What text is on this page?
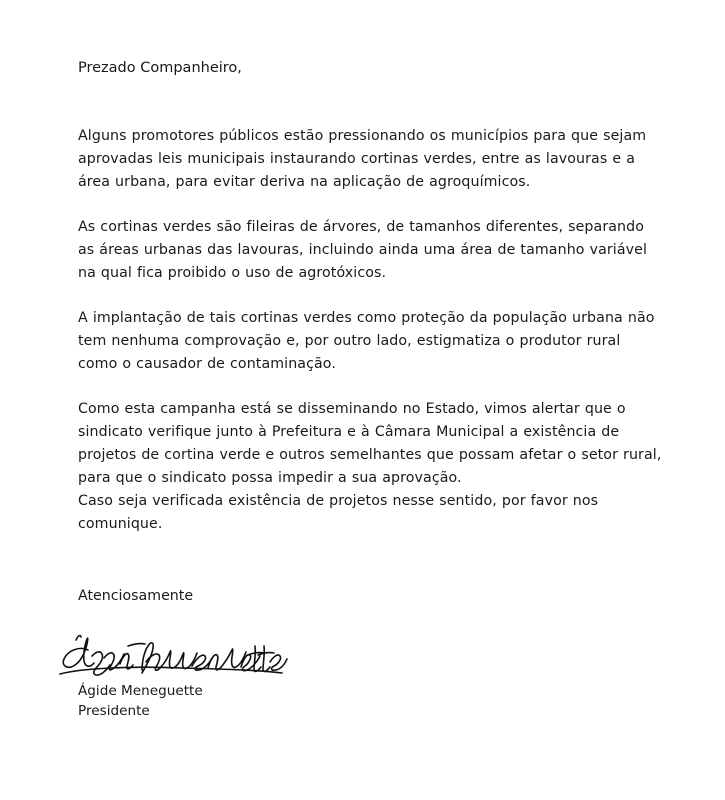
Prezado Companheiro,

Alguns promotores públicos estão pressionando os municípios para que sejam aprovadas leis municipais instaurando cortinas verdes, entre as lavouras e a área urbana, para evitar deriva na aplicação de agroquímicos.

As cortinas verdes são fileiras de árvores, de tamanhos diferentes, separando as áreas urbanas das lavouras, incluindo ainda uma área de tamanho variável na qual fica proibido o uso de agrotóxicos.

A implantação de tais cortinas verdes como proteção da população urbana não tem nenhuma comprovação e, por outro lado, estigmatiza o produtor rural como o causador de contaminação.

Como esta campanha está se disseminando no Estado, vimos alertar que o sindicato verifique junto à Prefeitura e à Câmara Municipal a existência de projetos de cortina verde e outros semelhantes que possam afetar o setor rural, para que o sindicato possa impedir a sua aprovação.

Caso seja verificada existência de projetos nesse sentido, por favor nos comunique.

Atenciosamente

Ágide Meneguette
Presidente
